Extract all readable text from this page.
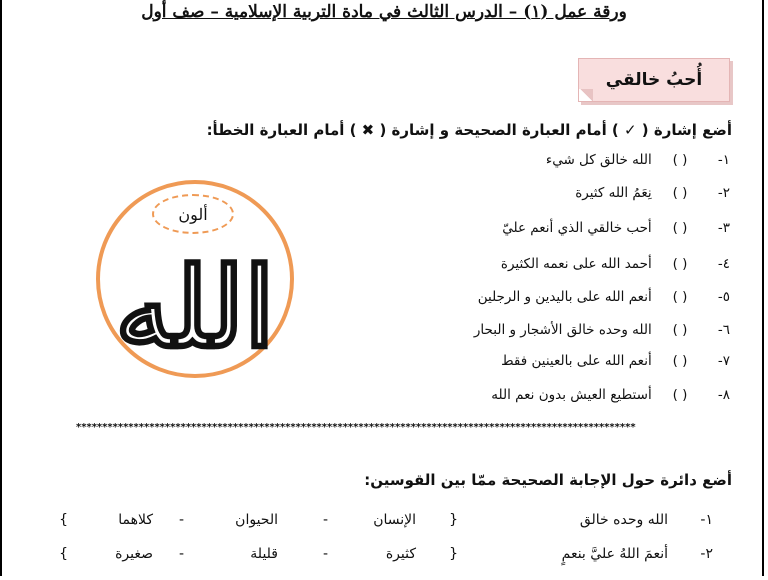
ورقة عمل (١) – الدرس الثالث في مادة التربية الإسلامية – صف أول
أُحبُ خالقي

أضع إشارة ( ✓ ) أمام العبارة الصحيحة و إشارة ( ✖ ) أمام العبارة الخطأ:

١-( ) الله خالق كل شيء
٢-( ) نِعَمُ الله كثيرة
٣-( ) أحب خالقي الذي أنعم عليّ
٤-( ) أحمد الله على نعمه الكثيرة
٥-( ) أنعم الله على باليدين و الرجلين
٦-( ) الله وحده خالق الأشجار و البحار
٧-( ) أنعم الله على بالعينين فقط
٨-( ) أستطيع العيش بدون نعم الله
ألون
الله
***********************************************************************************************************

أضع دائرة حول الإجابة الصحيحة ممّا بين القوسين:

١-
الله وحده خالق
{
الإنسان
-
الحيوان
-
كلاهما
}
٢-
أنعمَ اللهُ عليَّ بنعمٍ
{
كثيرة
-
قليلة
-
صغيرة
}
